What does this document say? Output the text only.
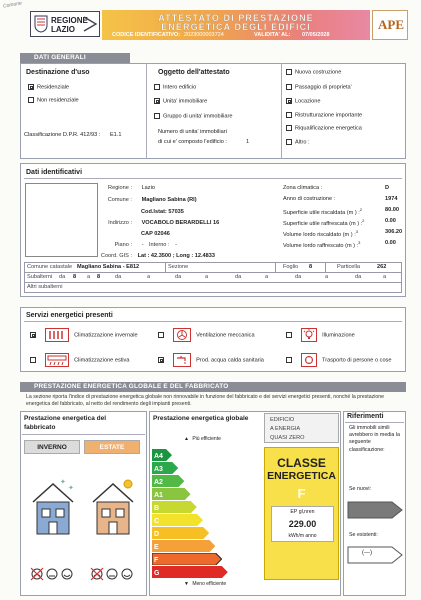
Comune
REGIONE
LAZIO
ATTESTATO DI PRESTAZIONE
ENERGETICA DEGLI EDIFICI
CODICE IDENTIFICATIVO: 2023000003724	VALIDITA' AL: 07/05/2028
APE
DATI GENERALI
Destinazione d'uso
Residenziale
Non residenziale
Classificazione D.P.R. 412/93 : E1.1
Oggetto dell'attestato
Intero edificio
Unita' immobiliare
Gruppo di unita' immobiliare
Numero di unita' immobiliari
di cui e' composto l'edificio :	1
Nuova costruzione
Passaggio di proprieta'
Locazione
Ristrutturazione importante
Riqualificazione energetica
Altro :
Dati identificativi
Regione : Lazio
Comune : Magliano Sabina (RI)
Cod.Istat: 57035
Indirizzo : VOCABOLO BERARDELLI 16
CAP 02046
Piano : - Interno : -
Coord. GIS : Lat : 42.3500 ; Long : 12.4833
Zona climatica :	D
Anno di costruzione :	1974
Superficie utile riscaldata (m ) :$^2$	80.00
Superficie utile raffrescata (m ) :$^2$	0.00
Volume lordo riscaldato (m ) :$^3$	306.20
Volume lordo raffrescato (m ) :$^3$	0.00
Comune catastale Magliano Sabina - E812	Sezione	Foglio 8	Particella	262
Subalterni da 8 a 8	da	a	da	a	da	a	da	a	da	a
Altri subalterni
Servizi energetici presenti
Climatizzazione invernale	Ventilazione meccanica	Illuminazione
Climatizzazione estiva	Prod. acqua calda sanitaria	Trasporto di persone o cose
PRESTAZIONE ENERGETICA GLOBALE E DEL FABBRICATO
La sezione riporta l'indice di prestazione energetica globale non rinnovabile in funzione del fabbricato e dei servizi energetici presenti, nonché la prestazione energetica del fabbricato, al netto del rendimento degli impianti presenti.
Prestazione energetica del
fabbricato
INVERNO	ESTATE
✦
✦
Prestazione energetica globale	EDIFICIO
A ENERGIA
QUASI ZERO
▲ Più efficiente
A4
A3
A2
A1
B
C
D
E
F
G
▼ Meno efficiente
CLASSE
ENERGETICA
F
EP gl,nren
229.00
kWh/m anno
Riferimenti
Gli immobili simili avrebbero in media la seguente classificazione:
Se nuovi:
Se esistenti:
(---)
